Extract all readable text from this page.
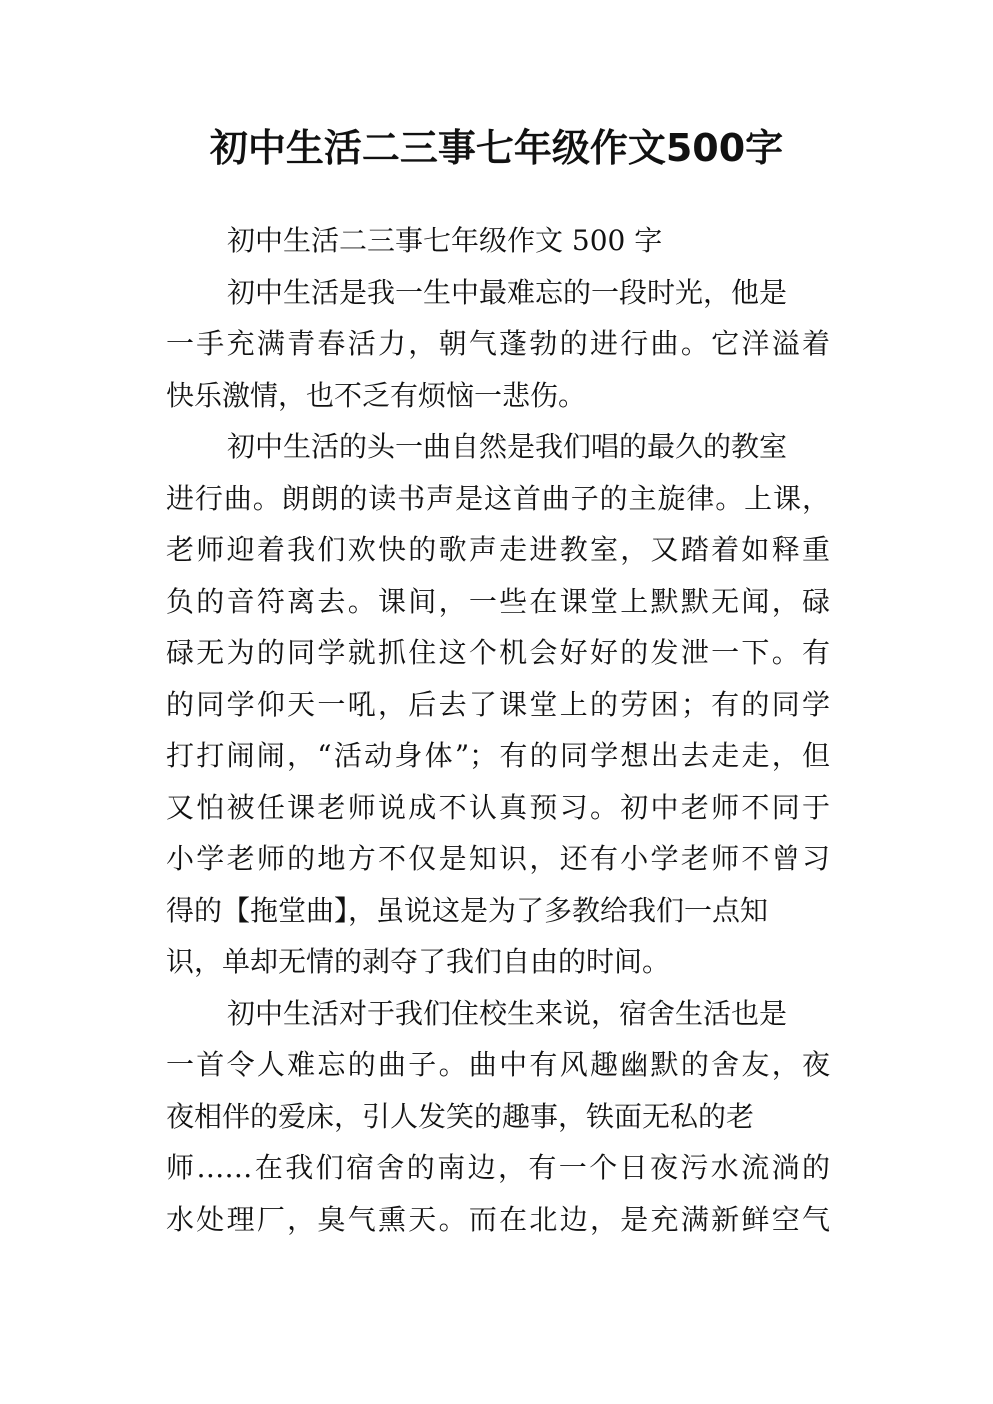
初中生活二三事七年级作文500字
初中生活二三事七年级作文 500 字
初中生活是我一生中最难忘的一段时光，他是
一手充满青春活力，朝气蓬勃的进行曲。它洋溢着
快乐激情，也不乏有烦恼一悲伤。
初中生活的头一曲自然是我们唱的最久的教室
进行曲。朗朗的读书声是这首曲子的主旋律。上课，
老师迎着我们欢快的歌声走进教室，又踏着如释重
负的音符离去。课间，一些在课堂上默默无闻，碌
碌无为的同学就抓住这个机会好好的发泄一下。有
的同学仰天一吼，后去了课堂上的劳困；有的同学
打打闹闹，“活动身体”；有的同学想出去走走，但
又怕被任课老师说成不认真预习。初中老师不同于
小学老师的地方不仅是知识，还有小学老师不曾习
得的【拖堂曲】，虽说这是为了多教给我们一点知
识，单却无情的剥夺了我们自由的时间。
初中生活对于我们住校生来说，宿舍生活也是
一首令人难忘的曲子。曲中有风趣幽默的舍友，夜
夜相伴的爱床，引人发笑的趣事，铁面无私的老
师……在我们宿舍的南边，有一个日夜污水流淌的
水处理厂，臭气熏天。而在北边，是充满新鲜空气
